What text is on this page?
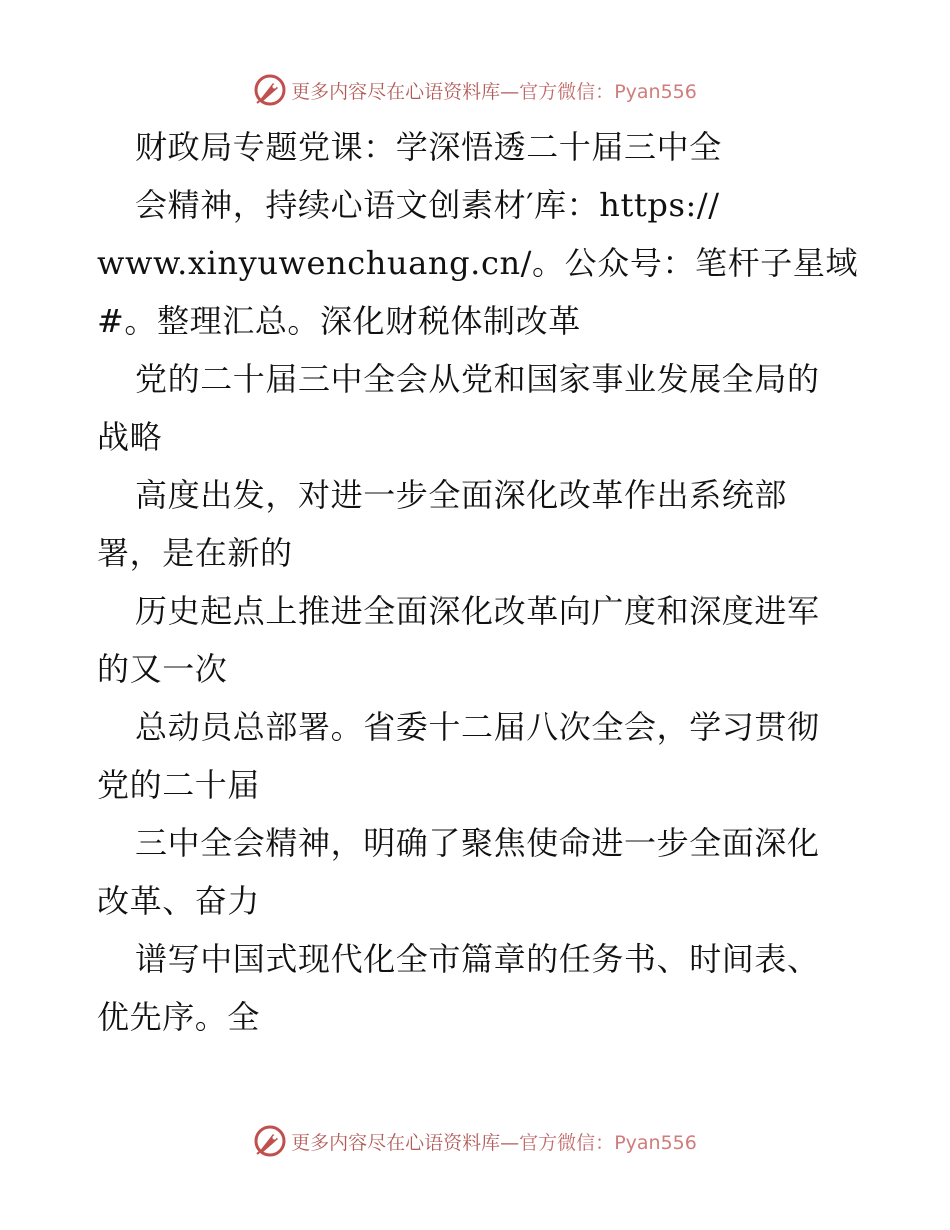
更多内容尽在心语资料库—官方微信：Pyan556
财政局专题党课：学深悟透二十届三中全
会精神，持续心语文创素材′库：https://
www.xinyuwenchuang.cn/。公众号：笔杆子星域
#。整理汇总。深化财税体制改革
党的二十届三中全会从党和国家事业发展全局的
战略
高度出发，对进一步全面深化改革作出系统部
署，是在新的
历史起点上推进全面深化改革向广度和深度进军
的又一次
总动员总部署。省委十二届八次全会，学习贯彻
党的二十届
三中全会精神，明确了聚焦使命进一步全面深化
改革、奋力
谱写中国式现代化全市篇章的任务书、时间表、
优先序。全
更多内容尽在心语资料库—官方微信：Pyan556
